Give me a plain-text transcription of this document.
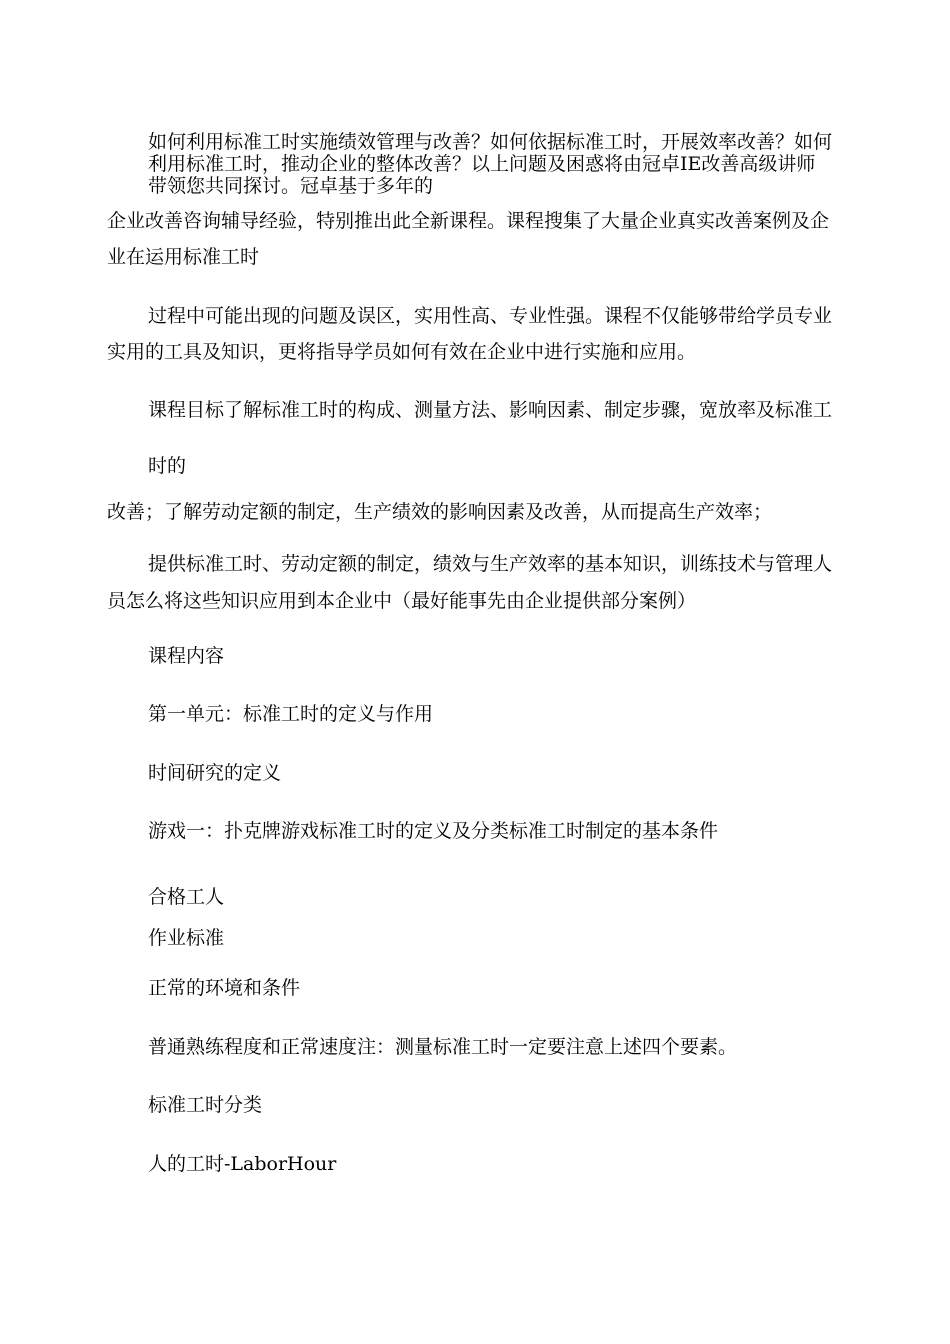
如何利用标准工时实施绩效管理与改善？如何依据标准工时，开展效率改善？如何
利用标准工时，推动企业的整体改善？以上问题及困惑将由冠卓IE改善高级讲师
带领您共同探讨。冠卓基于多年的
企业改善咨询辅导经验，特别推出此全新课程。课程搜集了大量企业真实改善案例及企
业在运用标准工时
过程中可能出现的问题及误区，实用性高、专业性强。课程不仅能够带给学员专业
实用的工具及知识，更将指导学员如何有效在企业中进行实施和应用。
课程目标了解标准工时的构成、测量方法、影响因素、制定步骤，宽放率及标准工
时的
改善；了解劳动定额的制定，生产绩效的影响因素及改善，从而提高生产效率；
提供标准工时、劳动定额的制定，绩效与生产效率的基本知识，训练技术与管理人
员怎么将这些知识应用到本企业中（最好能事先由企业提供部分案例）
课程内容
第一单元：标准工时的定义与作用
时间研究的定义
游戏一：扑克牌游戏标准工时的定义及分类标准工时制定的基本条件
合格工人
作业标准
正常的环境和条件
普通熟练程度和正常速度注：测量标准工时一定要注意上述四个要素。
标准工时分类
人的工时-LaborHour
